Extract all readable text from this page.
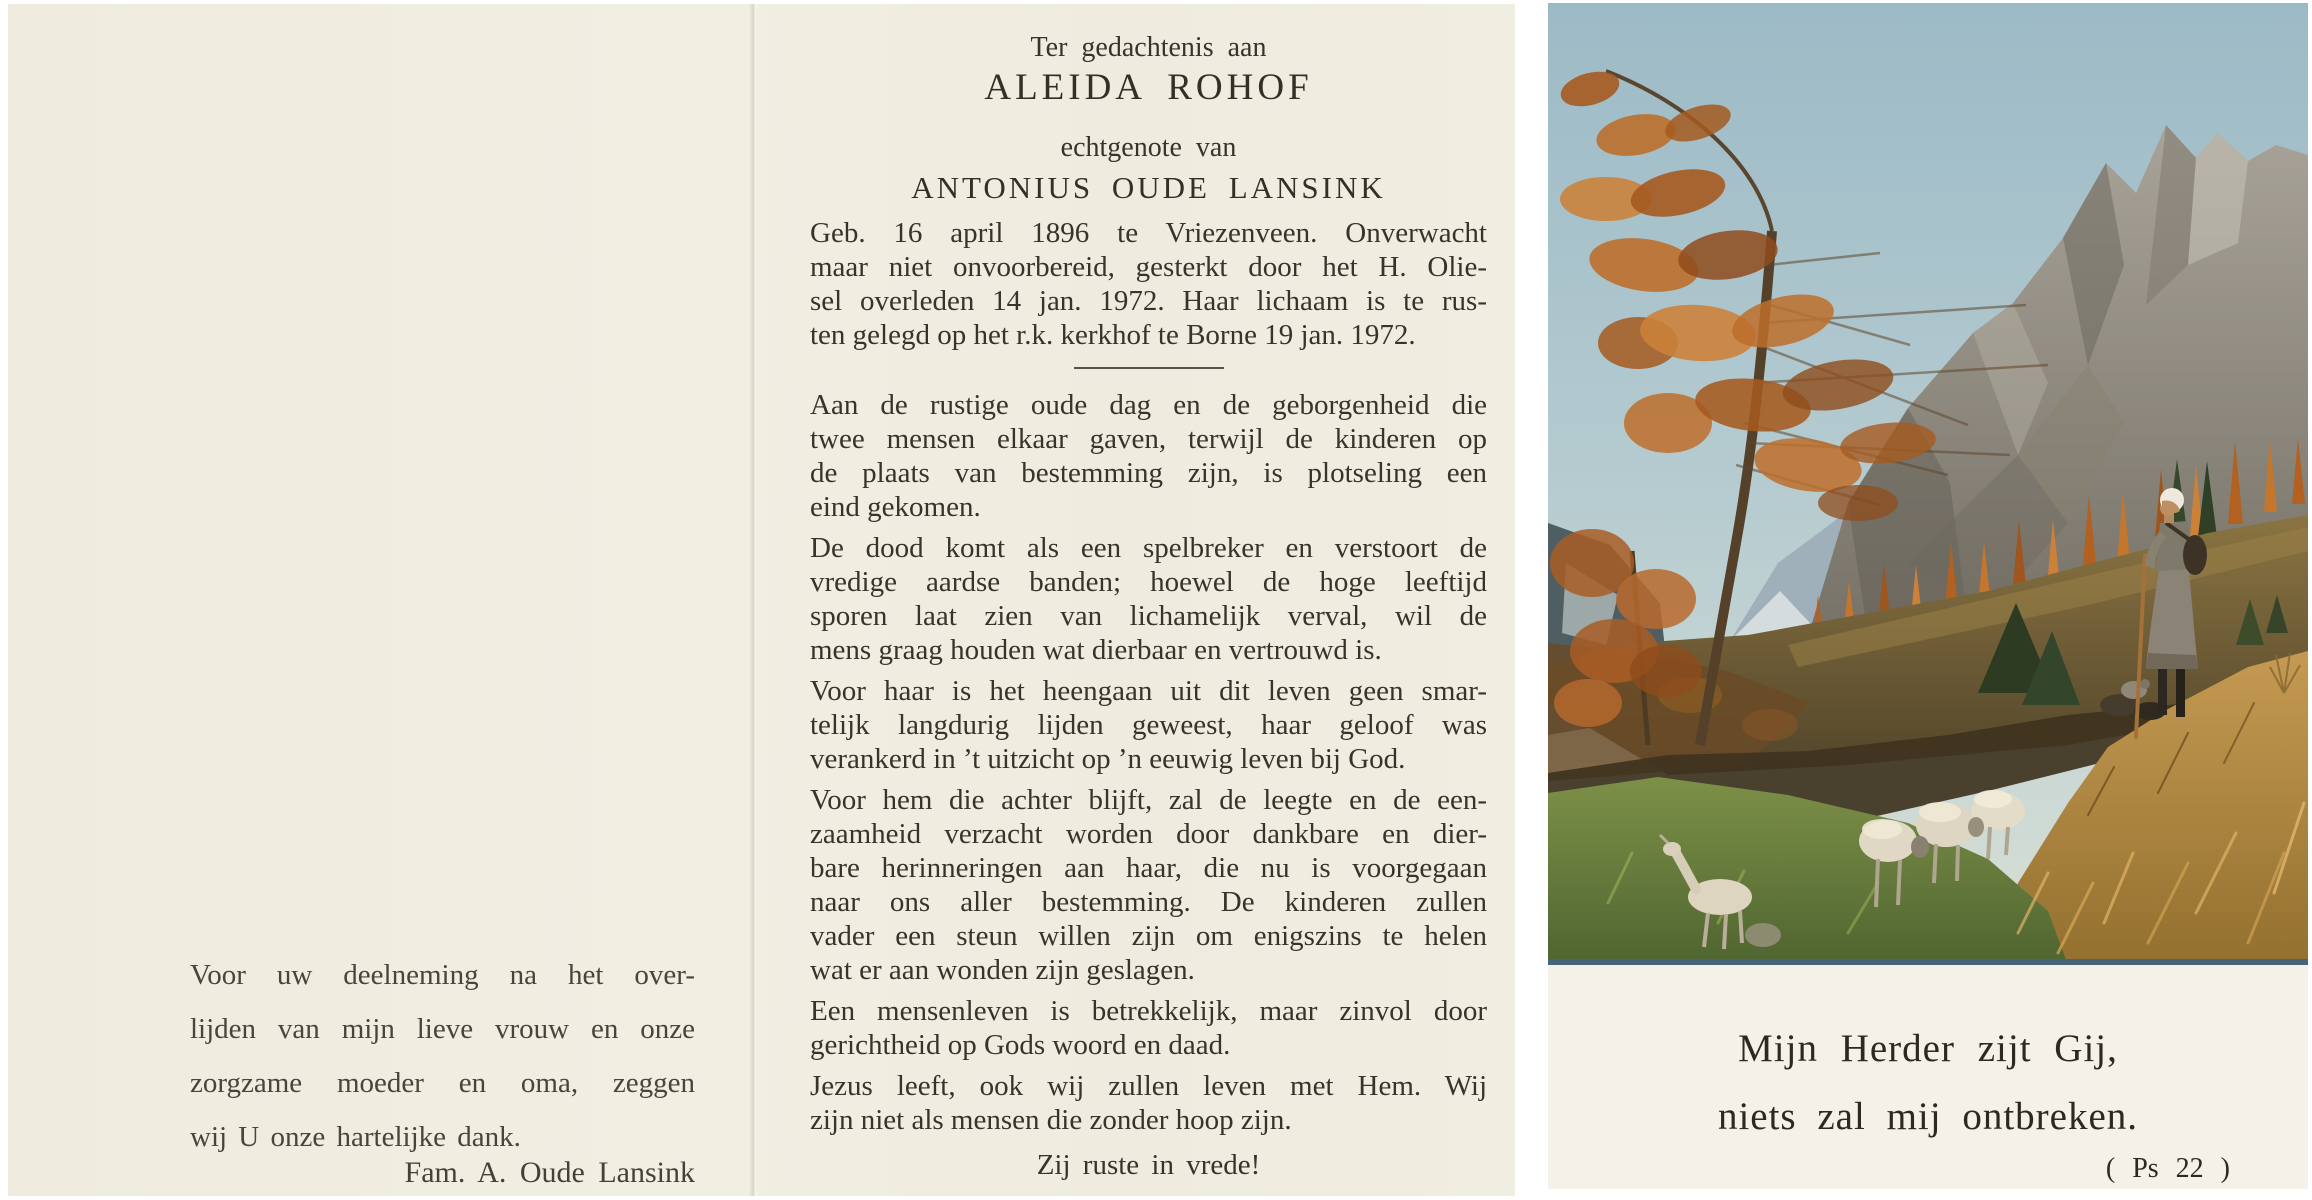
Voor uw deelneming na het over-
lijden van mijn lieve vrouw en onze
zorgzame moeder en oma, zeggen
wij U onze hartelijke dank.
Fam. A. Oude Lansink
Ter gedachtenis aan
ALEIDA ROHOF
echtgenote van
ANTONIUS OUDE LANSINK
Geb. 16 april 1896 te Vriezenveen. Onverwacht
maar niet onvoorbereid, gesterkt door het H. Olie-
sel overleden 14 jan. 1972. Haar lichaam is te rus-
ten gelegd op het r.k. kerkhof te Borne 19 jan. 1972.
Aan de rustige oude dag en de geborgenheid die
twee mensen elkaar gaven, terwijl de kinderen op
de plaats van bestemming zijn, is plotseling een
eind gekomen.
De dood komt als een spelbreker en verstoort de
vredige aardse banden; hoewel de hoge leeftijd
sporen laat zien van lichamelijk verval, wil de
mens graag houden wat dierbaar en vertrouwd is.
Voor haar is het heengaan uit dit leven geen smar-
telijk langdurig lijden geweest, haar geloof was
verankerd in ’t uitzicht op ’n eeuwig leven bij God.
Voor hem die achter blijft, zal de leegte en de een-
zaamheid verzacht worden door dankbare en dier-
bare herinneringen aan haar, die nu is voorgegaan
naar ons aller bestemming. De kinderen zullen
vader een steun willen zijn om enigszins te helen
wat er aan wonden zijn geslagen.
Een mensenleven is betrekkelijk, maar zinvol door
gerichtheid op Gods woord en daad.
Jezus leeft, ook wij zullen leven met Hem. Wij
zijn niet als mensen die zonder hoop zijn.
Zij ruste in vrede!
Mijn Herder zijt Gij,
niets zal mij ontbreken.
( Ps 22 )
